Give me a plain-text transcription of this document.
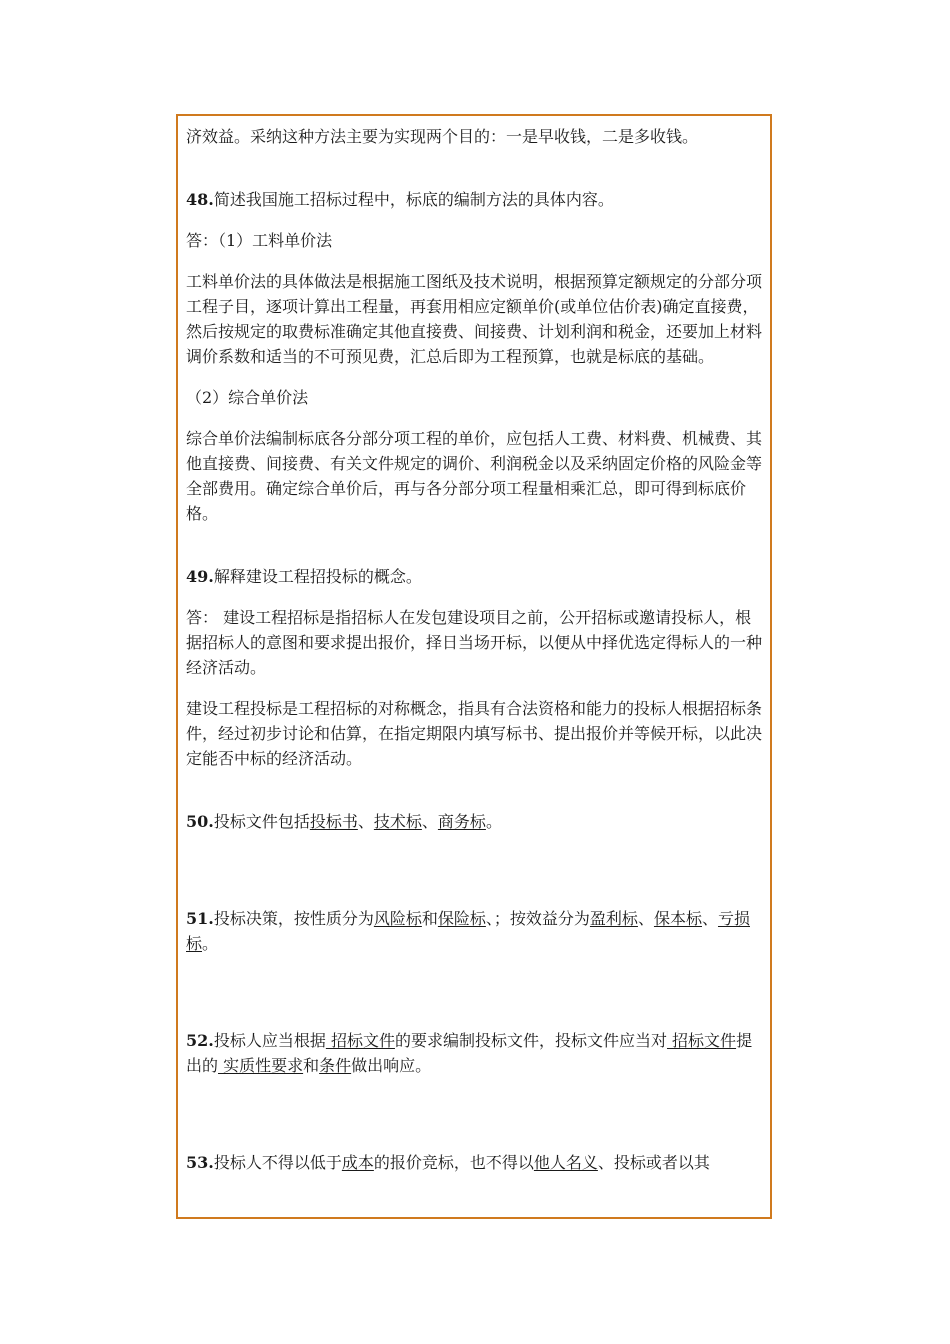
济效益。采纳这种方法主要为实现两个目的：一是早收钱，二是多收钱。

48.简述我国施工招标过程中，标底的编制方法的具体内容。

答：（1）工料单价法

工料单价法的具体做法是根据施工图纸及技术说明，根据预算定额规定的分部分项工程子目，逐项计算出工程量，再套用相应定额单价(或单位估价表)确定直接费，然后按规定的取费标准确定其他直接费、间接费、计划利润和税金，还要加上材料调价系数和适当的不可预见费，汇总后即为工程预算，也就是标底的基础。

（2）综合单价法

综合单价法编制标底各分部分项工程的单价，应包括人工费、材料费、机械费、其他直接费、间接费、有关文件规定的调价、利润税金以及采纳固定价格的风险金等全部费用。确定综合单价后，再与各分部分项工程量相乘汇总，即可得到标底价格。

49.解释建设工程招投标的概念。

答： 建设工程招标是指招标人在发包建设项目之前，公开招标或邀请投标人，根据招标人的意图和要求提出报价，择日当场开标，以便从中择优选定得标人的一种经济活动。

建设工程投标是工程招标的对称概念，指具有合法资格和能力的投标人根据招标条件，经过初步讨论和估算，在指定期限内填写标书、提出报价并等候开标，以此决定能否中标的经济活动。

50.投标文件包括投标书、技术标、商务标。

51.投标决策，按性质分为风险标和保险标、；按效益分为盈利标、保本标、亏损标。

52.投标人应当根据 招标文件的要求编制投标文件，投标文件应当对 招标文件提出的 实质性要求和条件做出响应。

53.投标人不得以低于成本的报价竞标，也不得以他人名义、投标或者以其
